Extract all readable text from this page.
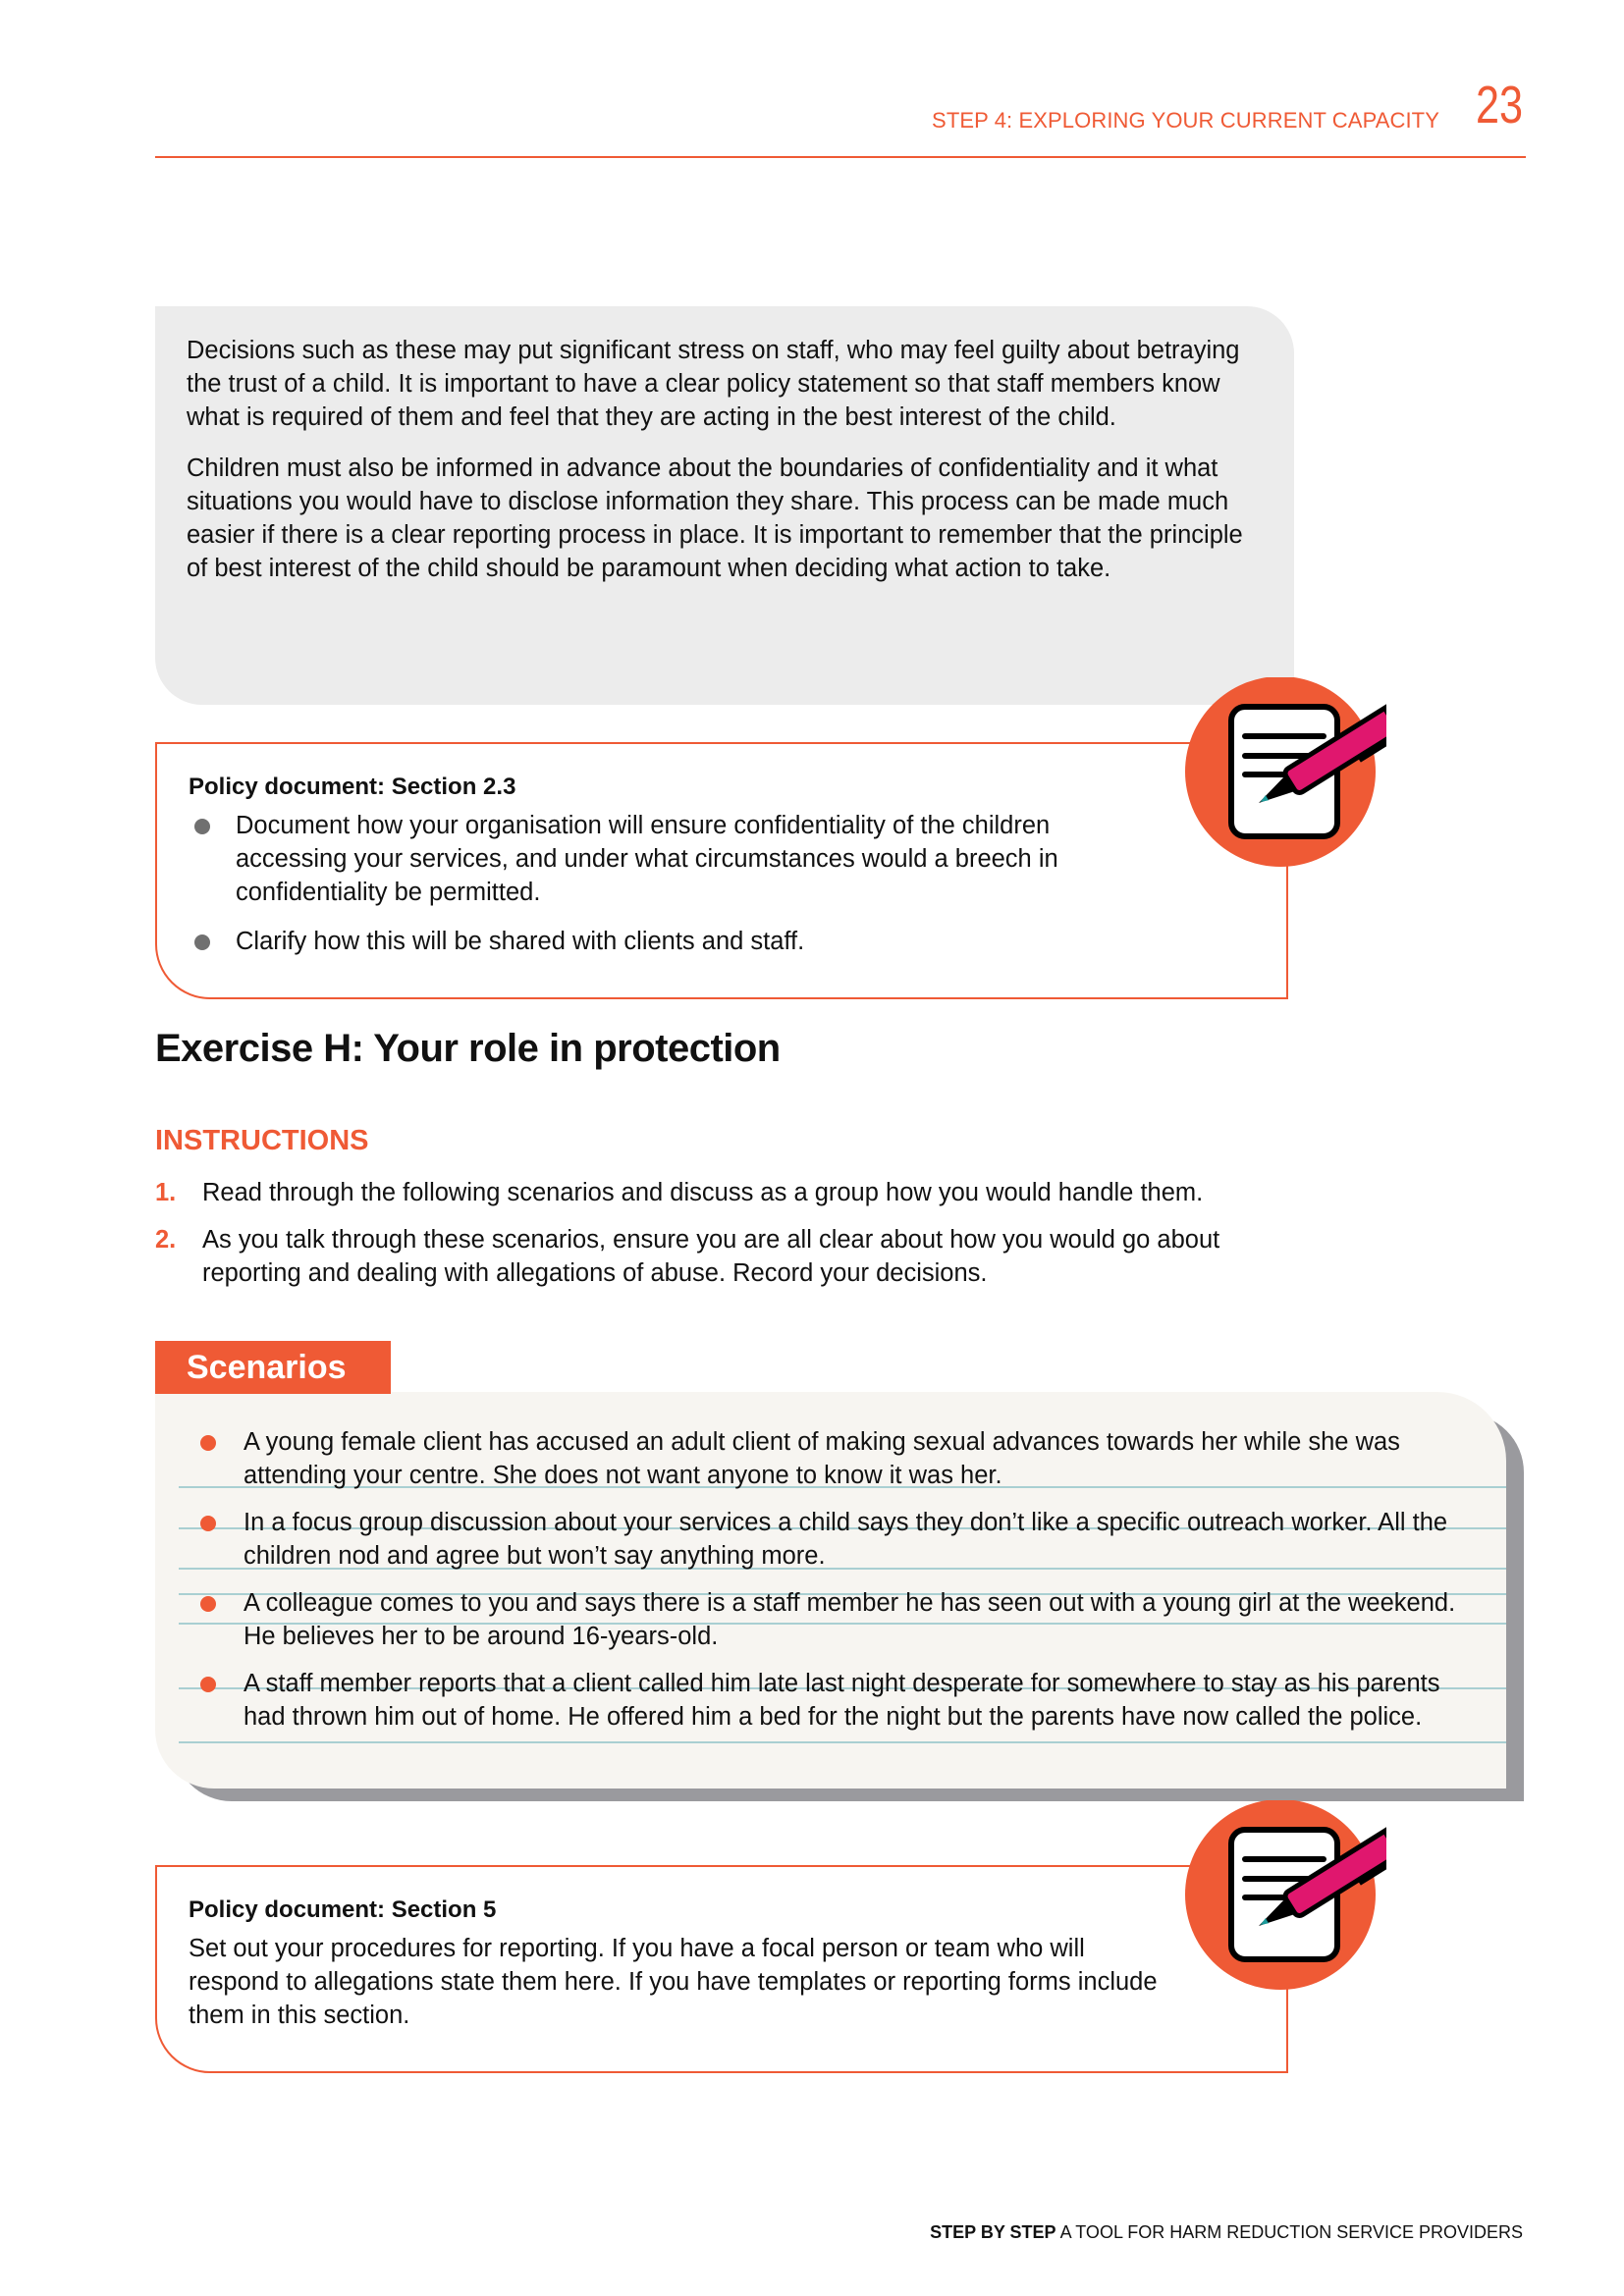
STEP 4: EXPLORING YOUR CURRENT CAPACITY 23

Decisions such as these may put significant stress on staff, who may feel guilty about betraying the trust of a child. It is important to have a clear policy statement so that staff members know what is required of them and feel that they are acting in the best interest of the child.

Children must also be informed in advance about the boundaries of confidentiality and it what situations you would have to disclose information they share. This process can be made much easier if there is a clear reporting process in place. It is important to remember that the principle of best interest of the child should be paramount when deciding what action to take.

Policy document: Section 2.3
Document how your organisation will ensure confidentiality of the children accessing your services, and under what circumstances would a breech in confidentiality be permitted.
Clarify how this will be shared with clients and staff.
Exercise H: Your role in protection
INSTRUCTIONS
1. Read through the following scenarios and discuss as a group how you would handle them.
2. As you talk through these scenarios, ensure you are all clear about how you would go about reporting and dealing with allegations of abuse. Record your decisions.
Scenarios
A young female client has accused an adult client of making sexual advances towards her while she was attending your centre. She does not want anyone to know it was her.
In a focus group discussion about your services a child says they don’t like a specific outreach worker. All the children nod and agree but won’t say anything more.
A colleague comes to you and says there is a staff member he has seen out with a young girl at the weekend. He believes her to be around 16-years-old.
A staff member reports that a client called him late last night desperate for somewhere to stay as his parents had thrown him out of home. He offered him a bed for the night but the parents have now called the police.
Policy document: Section 5
Set out your procedures for reporting. If you have a focal person or team who will respond to allegations state them here. If you have templates or reporting forms include them in this section.
STEP BY STEP A TOOL FOR HARM REDUCTION SERVICE PROVIDERS
